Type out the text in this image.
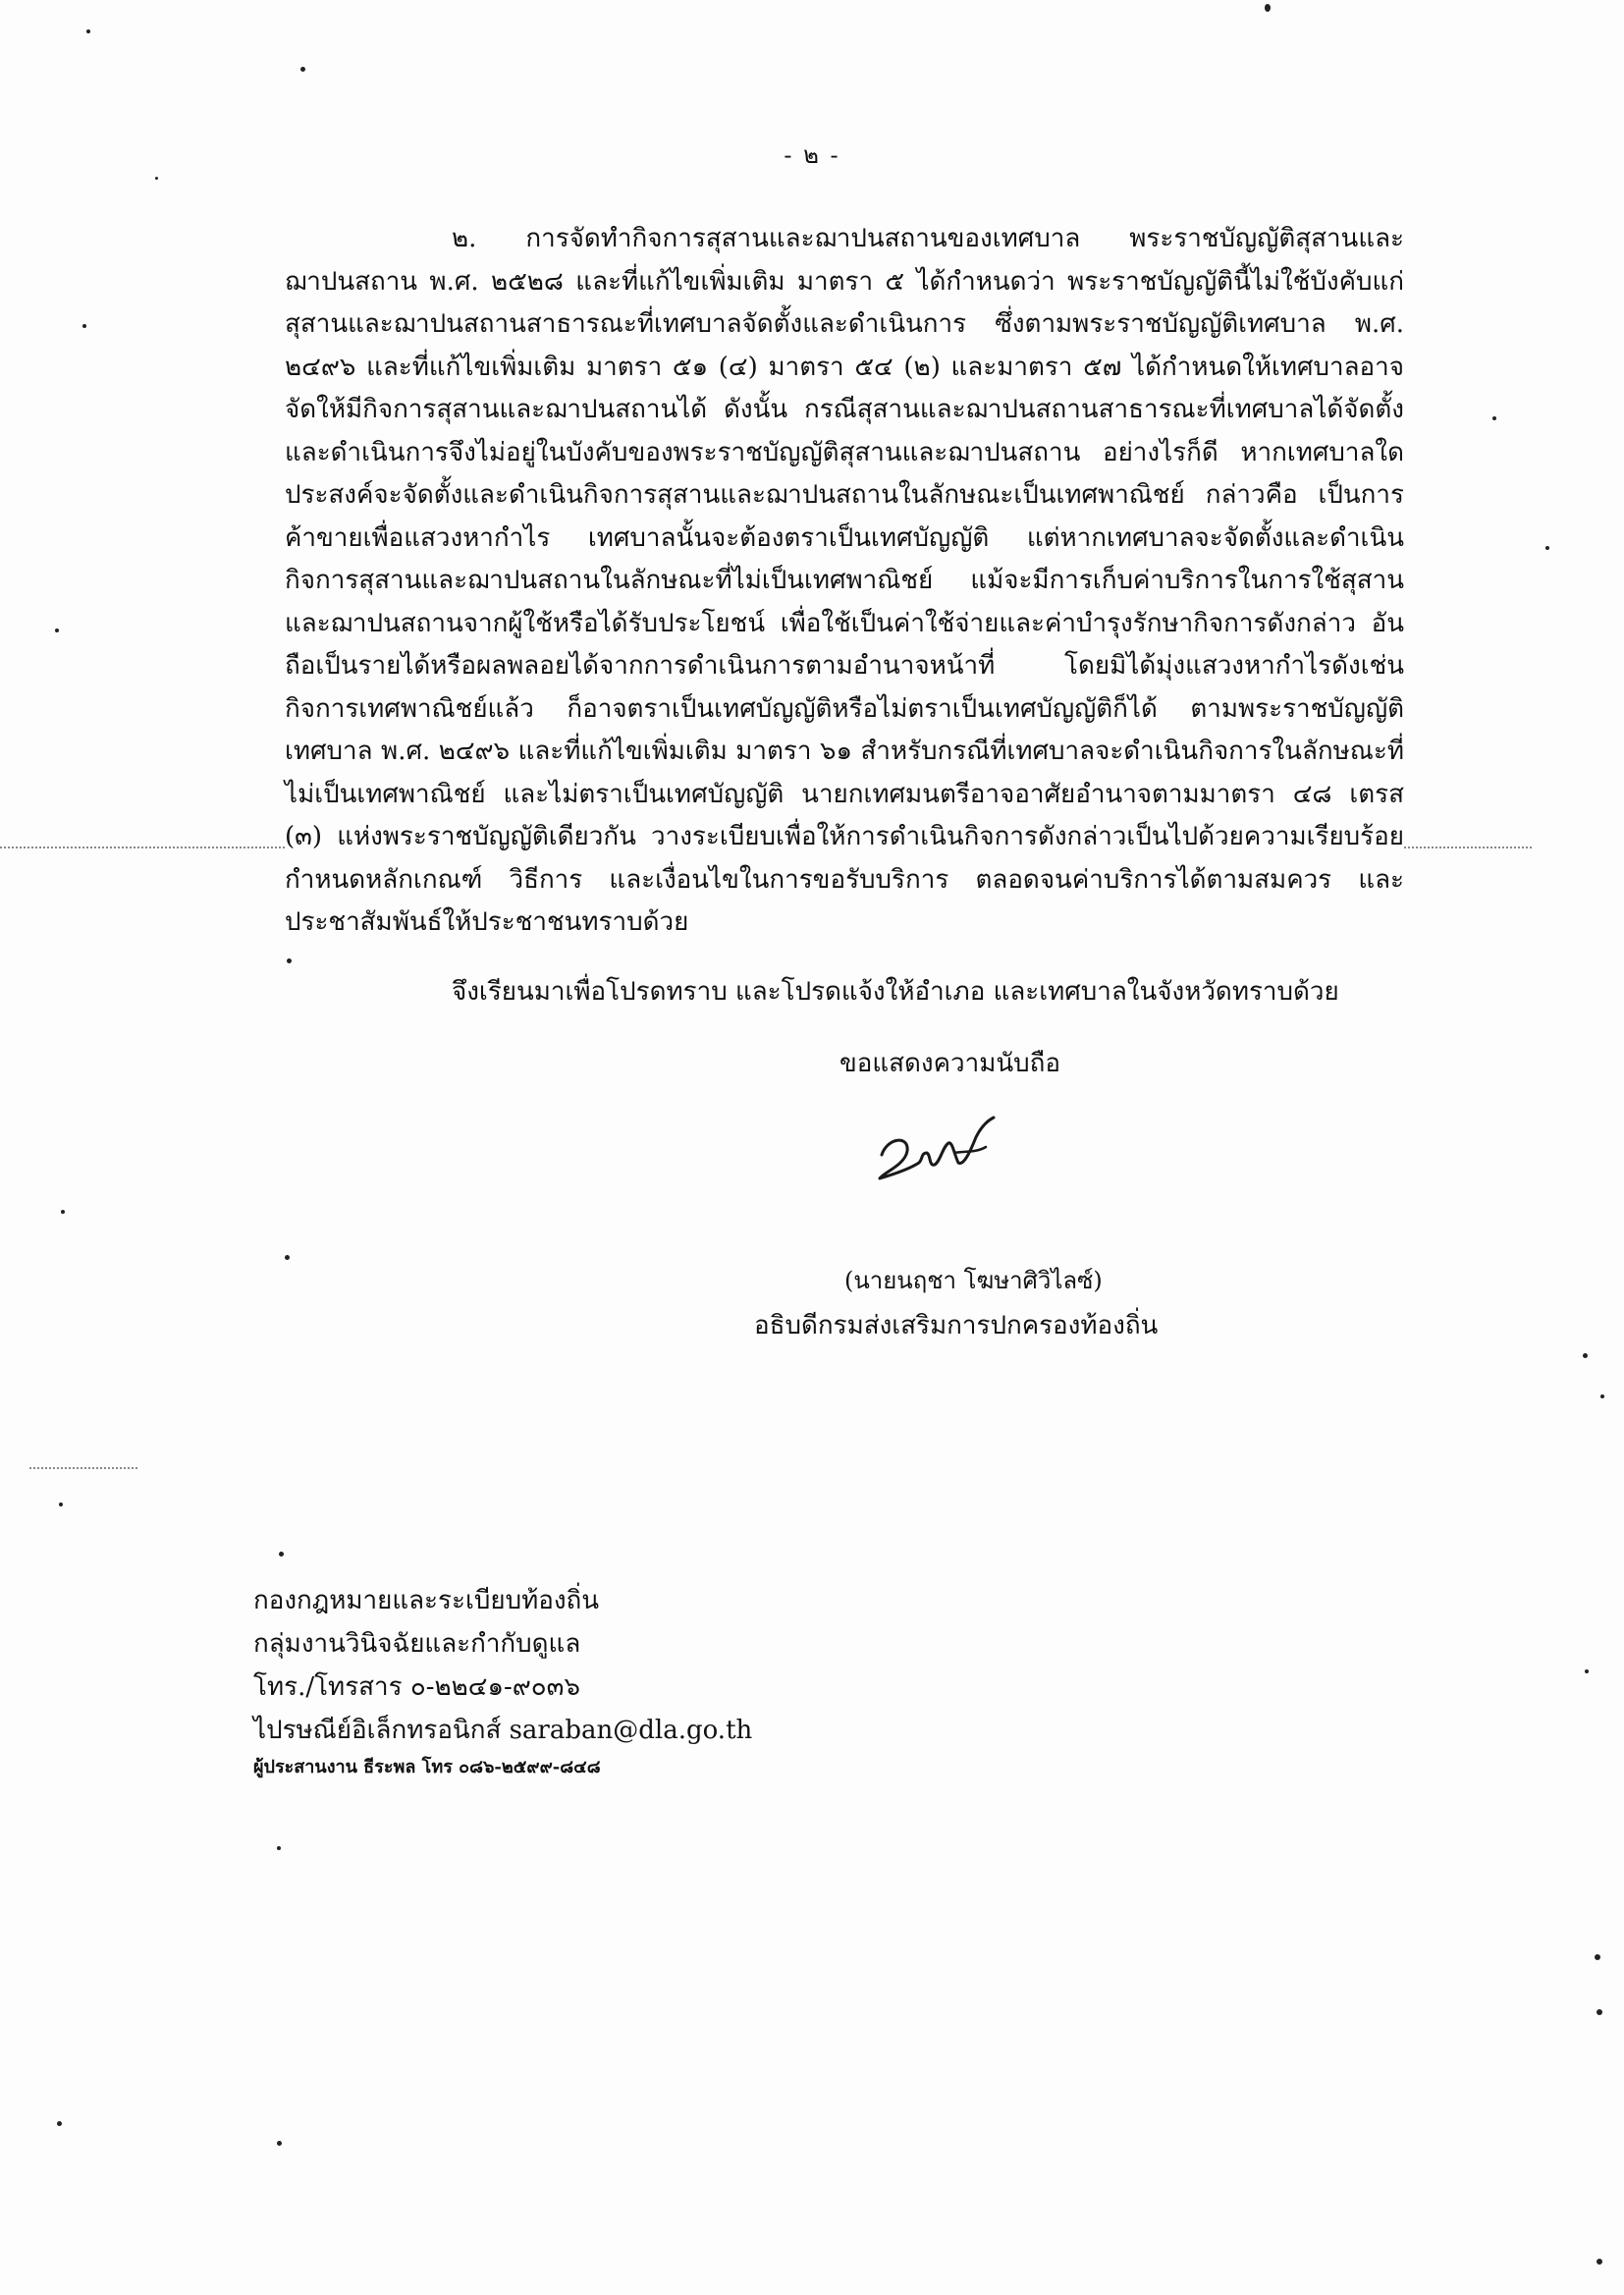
- ๒ -

๒. การจัดทำกิจการสุสานและฌาปนสถานของเทศบาล พระราชบัญญัติสุสานและฌาปนสถาน พ.ศ. ๒๕๒๘ และที่แก้ไขเพิ่มเติม มาตรา ๕ ได้กำหนดว่า พระราชบัญญัตินี้ไม่ใช้บังคับแก่สุสานและฌาปนสถานสาธารณะที่เทศบาลจัดตั้งและดำเนินการ ซึ่งตามพระราชบัญญัติเทศบาล พ.ศ. ๒๔๙๖ และที่แก้ไขเพิ่มเติม มาตรา ๕๑ (๔) มาตรา ๕๔ (๒) และมาตรา ๕๗ ได้กำหนดให้เทศบาลอาจจัดให้มีกิจการสุสานและฌาปนสถานได้ ดังนั้น กรณีสุสานและฌาปนสถานสาธารณะที่เทศบาลได้จัดตั้งและดำเนินการจึงไม่อยู่ในบังคับของพระราชบัญญัติสุสานและฌาปนสถาน อย่างไรก็ดี หากเทศบาลใดประสงค์จะจัดตั้งและดำเนินกิจการสุสานและฌาปนสถานในลักษณะเป็นเทศพาณิชย์ กล่าวคือ เป็นการค้าขายเพื่อแสวงหากำไร เทศบาลนั้นจะต้องตราเป็นเทศบัญญัติ แต่หากเทศบาลจะจัดตั้งและดำเนินกิจการสุสานและฌาปนสถานในลักษณะที่ไม่เป็นเทศพาณิชย์ แม้จะมีการเก็บค่าบริการในการใช้สุสานและฌาปนสถานจากผู้ใช้หรือได้รับประโยชน์ เพื่อใช้เป็นค่าใช้จ่ายและค่าบำรุงรักษากิจการดังกล่าว อันถือเป็นรายได้หรือผลพลอยได้จากการดำเนินการตามอำนาจหน้าที่ โดยมิได้มุ่งแสวงหากำไรดังเช่นกิจการเทศพาณิชย์แล้ว ก็อาจตราเป็นเทศบัญญัติหรือไม่ตราเป็นเทศบัญญัติก็ได้ ตามพระราชบัญญัติเทศบาล พ.ศ. ๒๔๙๖ และที่แก้ไขเพิ่มเติม มาตรา ๖๑ สำหรับกรณีที่เทศบาลจะดำเนินกิจการในลักษณะที่ไม่เป็นเทศพาณิชย์ และไม่ตราเป็นเทศบัญญัติ นายกเทศมนตรีอาจอาศัยอำนาจตามมาตรา ๔๘ เตรส (๓) แห่งพระราชบัญญัติเดียวกัน วางระเบียบเพื่อให้การดำเนินกิจการดังกล่าวเป็นไปด้วยความเรียบร้อย กำหนดหลักเกณฑ์ วิธีการ และเงื่อนไขในการขอรับบริการ ตลอดจนค่าบริการได้ตามสมควร และประชาสัมพันธ์ให้ประชาชนทราบด้วย

จึงเรียนมาเพื่อโปรดทราบ และโปรดแจ้งให้อำเภอ และเทศบาลในจังหวัดทราบด้วย
ขอแสดงความนับถือ
(นายนฤชา โฆษาศิวิไลซ์)
อธิบดีกรมส่งเสริมการปกครองท้องถิ่น
กองกฎหมายและระเบียบท้องถิ่น
กลุ่มงานวินิจฉัยและกำกับดูแล
โทร./โทรสาร ๐-๒๒๔๑-๙๐๓๖
ไปรษณีย์อิเล็กทรอนิกส์ saraban@dla.go.th
ผู้ประสานงาน ธีระพล โทร ๐๘๖-๒๕๙๙-๘๔๘
